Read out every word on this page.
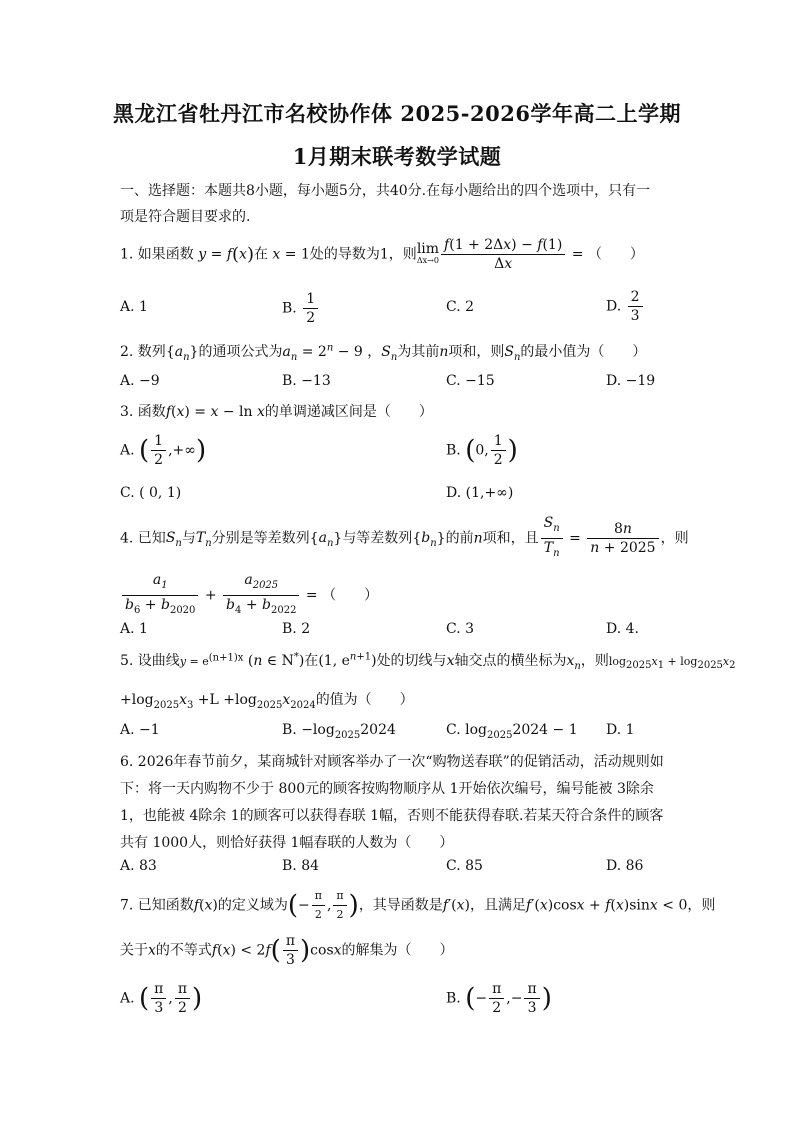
黑龙江省牡丹江市名校协作体 2025-2026学年高二上学期
1月期末联考数学试题
一、选择题：本题共8小题，每小题5分，共40分.在每小题给出的四个选项中，只有一
项是符合题目要求的.
1. 如果函数 y = f(x)在 x = 1处的导数为1，则 lim
$\Delta x\to 0 \frac{f(1 + 2\Delta x) - f(1)}{\Delta x}$ = （　　）
A. 1	B. $\frac{1}{2}$	C. 2	D. $\frac{2}{3}$
2. 数列$\{a_n\}$的通项公式为$a_n = 2^n - 9$ ，$S_n$为其前n项和，则$S_n$的最小值为（　　）
A. −9	B. −13	C. −15	D. −19
3. 函数f(x) = x − ln x的单调递减区间是（　　）
A. ( $\frac{1}{2}$ ,+∞)	B. (0, $\frac{1}{2}$ )
C. ( 0, 1)	D. (1,+∞)
4. 已知$S_n$与$T_n$分别是等差数列$\{a_n\}$与等差数列$\{b_n\}$的前n项和，且 $\frac{S_n}{T_n} = \frac{8n}{n + 2025}$ ，则
$\frac{a_1}{b_6 + b_{2020}} + \frac{a_{2025}}{b_4 + b_{2022}}$ = （　　）
A. 1	B. 2	C. 3	D. 4.
5. 设曲线$y = e^{(n+1)x}$ (n ∈ N*)在(1, $e^{n+1}$)处的切线与x轴交点的横坐标为$x_n$，则$\log_{2025}x_1 + \log_{2025}x_2$
$+\log_{2025}x_3 +L +\log_{2025}x_{2024}$的值为（　　）
A. −1	B. $-\log_{2025}2024$	C. $\log_{2025}2024 - 1$ D. 1
6. 2026年春节前夕，某商城针对顾客举办了一次“购物送春联”的促销活动，活动规则如
下：将一天内购物不少于 800元的顾客按购物顺序从 1开始依次编号，编号能被 3除余
1，也能被 4除余 1的顾客可以获得春联 1幅，否则不能获得春联.若某天符合条件的顾客
共有 1000人，则恰好获得 1幅春联的人数为（　　）
A. 83	B. 84	C. 85	D. 86
7. 已知函数f(x)的定义域为(− $\frac{\pi}{2}$ , $\frac{\pi}{2}$ )，其导函数是f′(x)，且满足f′(x)cosx + f(x)sinx < 0，则
关于x的不等式$f(x) < 2f( \frac{\pi}{3} )\cos x$的解集为（　　）
A. ( $\frac{\pi}{3}$ , $\frac{\pi}{2}$ )	B. (− $\frac{\pi}{2}$ ,− $\frac{\pi}{3}$ )
